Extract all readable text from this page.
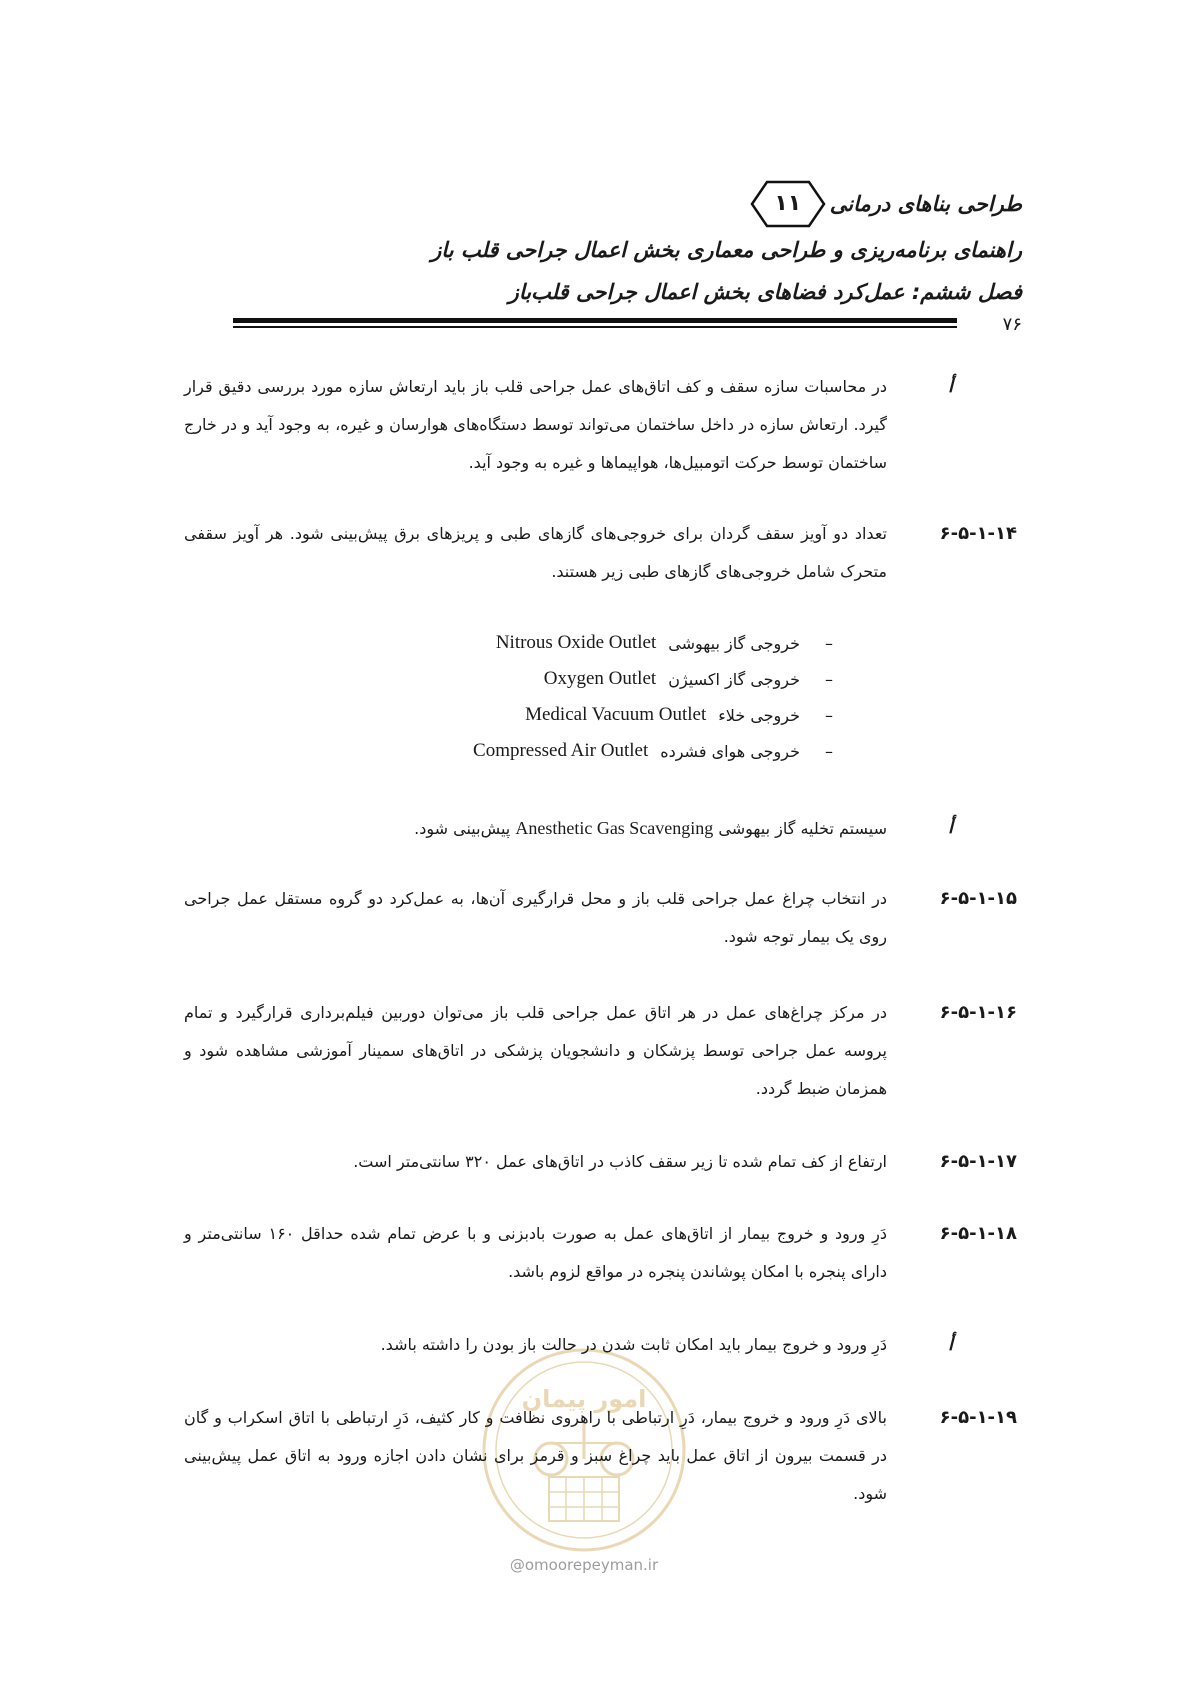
طراحی بناهای درمانی
۱۱
راهنمای برنامه‌ریزی و طراحی معماری بخش اعمال جراحی قلب باز
فصل ششم: عمل‌کرد فضاهای بخش اعمال جراحی قلب‌باز
۷۶
امور پیمان
@omoorepeyman.ir
أ

در محاسبات سازه سقف و کف اتاق‌های عمل جراحی قلب باز باید ارتعاش سازه مورد بررسی دقیق قرار گیرد. ارتعاش سازه در داخل ساختمان می‌تواند توسط دستگاه‌های هوارسان و غیره، به وجود آید و در خارج ساختمان توسط حرکت اتومبیل‌ها، هواپیماها و غیره به وجود آید.

۶-۵-۱-۱۴

تعداد دو آویز سقف گردان برای خروجی‌های گازهای طبی و پریزهای برق پیش‌بینی شود. هر آویز سقفی متحرک شامل خروجی‌های گازهای طبی زیر هستند.

–
خروجی گاز بیهوشی
Nitrous Oxide Outlet
–
خروجی گاز اکسیژن
Oxygen Outlet
–
خروجی خلاء
Medical Vacuum Outlet
–
خروجی هوای فشرده
Compressed Air Outlet
أ

سیستم تخلیه گاز بیهوشی Anesthetic Gas Scavenging پیش‌بینی شود.

۶-۵-۱-۱۵

در انتخاب چراغ عمل جراحی قلب باز و محل قرارگیری آن‌ها، به عمل‌کرد دو گروه مستقل عمل جراحی روی یک بیمار توجه شود.

۶-۵-۱-۱۶

در مرکز چراغ‌های عمل در هر اتاق عمل جراحی قلب باز می‌توان دوربین فیلم‌برداری قرارگیرد و تمام پروسه عمل جراحی توسط پزشکان و دانشجویان پزشکی در اتاق‌های سمینار آموزشی مشاهده شود و همزمان ضبط گردد.

۶-۵-۱-۱۷

ارتفاع از کف تمام شده تا زیر سقف کاذب در اتاق‌های عمل ۳۲۰ سانتی‌متر است.

۶-۵-۱-۱۸

دَرِ ورود و خروج بیمار از اتاق‌های عمل به صورت بادبزنی و با عرض تمام شده حداقل ۱۶۰ سانتی‌متر و دارای پنجره با امکان پوشاندن پنجره در مواقع لزوم باشد.

أ

دَرِ ورود و خروج بیمار باید امکان ثابت شدن در حالت باز بودن را داشته باشد.

۶-۵-۱-۱۹

بالای دَرِ ورود و خروج بیمار، دَرِ ارتباطی با راهروی نظافت و کار کثیف، دَرِ ارتباطی با اتاق اسکراب و گان در قسمت بیرون از اتاق عمل باید چراغ سبز و قرمز برای نشان دادن اجازه ورود به اتاق عمل پیش‌بینی شود.
